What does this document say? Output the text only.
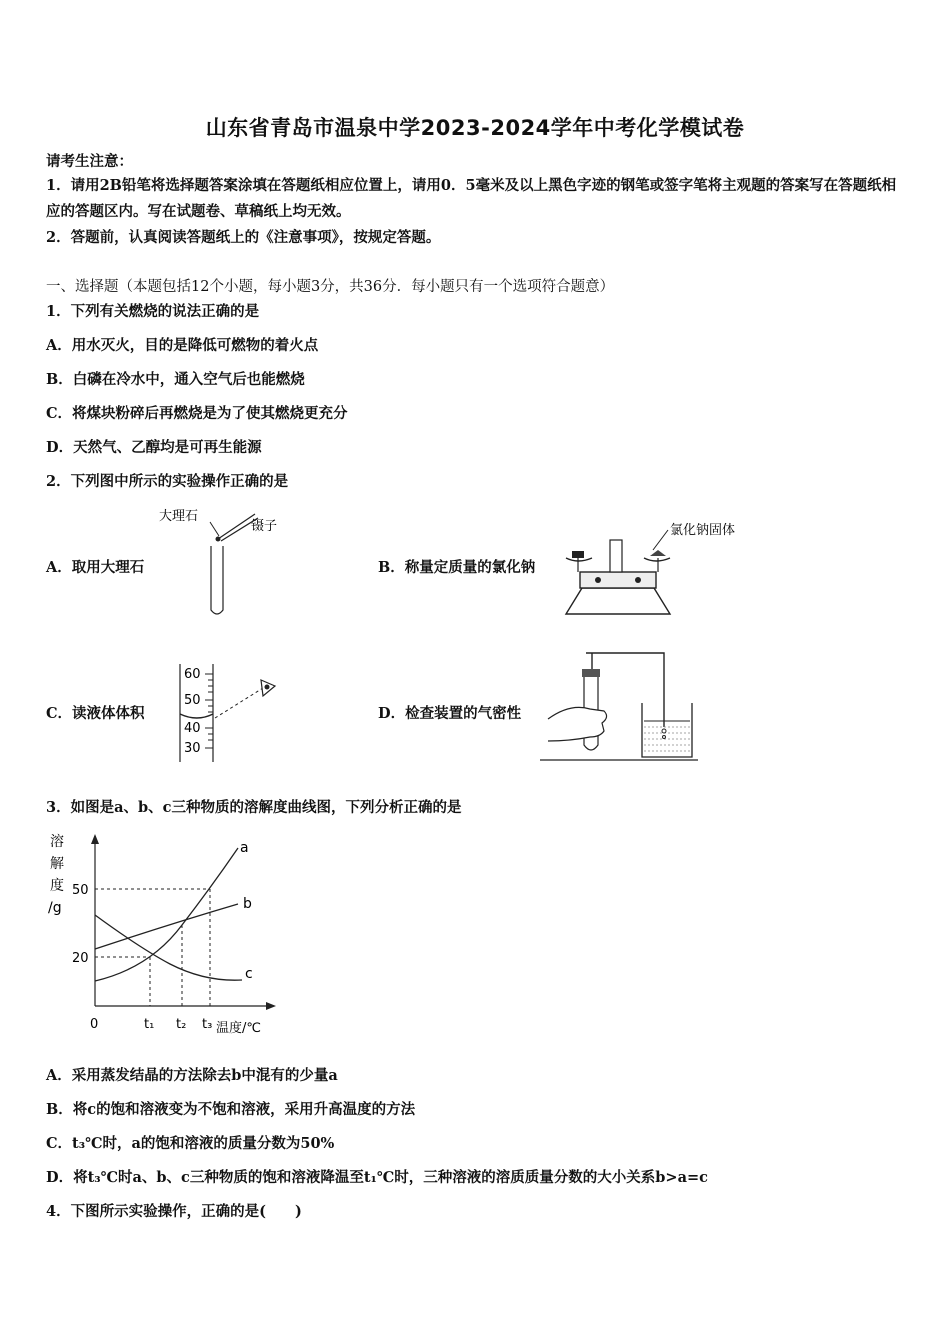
山东省青岛市温泉中学2023-2024学年中考化学模试卷
请考生注意：
1．请用2B铅笔将选择题答案涂填在答题纸相应位置上，请用0．5毫米及以上黑色字迹的钢笔或签字笔将主观题的答案写在答题纸相应的答题区内。写在试题卷、草稿纸上均无效。
2．答题前，认真阅读答题纸上的《注意事项》，按规定答题。
一、选择题（本题包括12个小题，每小题3分，共36分．每小题只有一个选项符合题意）
1．下列有关燃烧的说法正确的是
A．用水灭火，目的是降低可燃物的着火点
B．白磷在冷水中，通入空气后也能燃烧
C．将煤块粉碎后再燃烧是为了使其燃烧更充分
D．天然气、乙醇均是可再生能源
2．下列图中所示的实验操作正确的是
A．取用大理石	B．称量定质量的氯化钠
C．读液体体积	D．检查装置的气密性
大理石
镊子	氯化钠固体
60
50
40
30
3．如图是a、b、c三种物质的溶解度曲线图，下列分析正确的是
溶
解
度
/g
50
20
0	t₁ t₂ t₃ 温度/℃
a
b
c
A．采用蒸发结晶的方法除去b中混有的少量a
B．将c的饱和溶液变为不饱和溶液，采用升高温度的方法
C．t₃℃时，a的饱和溶液的质量分数为50%
D．将t₃℃时a、b、c三种物质的饱和溶液降温至t₁℃时，三种溶液的溶质质量分数的大小关系b>a=c
4．下图所示实验操作，正确的是(　　)
